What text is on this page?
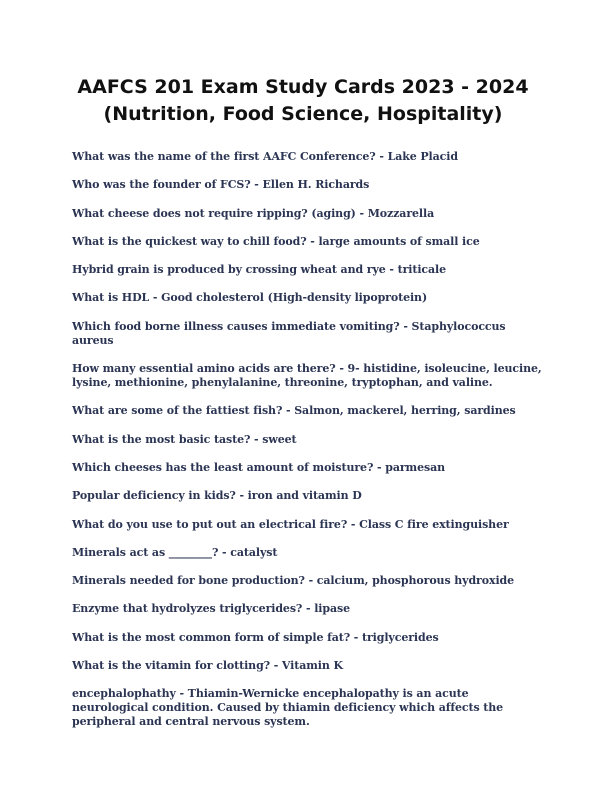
AAFCS 201 Exam Study Cards 2023 - 2024
(Nutrition, Food Science, Hospitality)
What was the name of the first AAFC Conference? - Lake Placid
Who was the founder of FCS? - Ellen H. Richards
What cheese does not require ripping? (aging) - Mozzarella
What is the quickest way to chill food? - large amounts of small ice
Hybrid grain is produced by crossing wheat and rye - triticale
What is HDL - Good cholesterol (High-density lipoprotein)
Which food borne illness causes immediate vomiting? - Staphylococcus aureus
How many essential amino acids are there? - 9- histidine, isoleucine, leucine, lysine, methionine, phenylalanine, threonine, tryptophan, and valine.
What are some of the fattiest fish? - Salmon, mackerel, herring, sardines
What is the most basic taste? - sweet
Which cheeses has the least amount of moisture? - parmesan
Popular deficiency in kids? - iron and vitamin D
What do you use to put out an electrical fire? - Class C fire extinguisher
Minerals act as ________? - catalyst
Minerals needed for bone production? - calcium, phosphorous hydroxide
Enzyme that hydrolyzes triglycerides? - lipase
What is the most common form of simple fat? - triglycerides
What is the vitamin for clotting? - Vitamin K
encephalophathy - Thiamin-Wernicke encephalopathy is an acute neurological condition. Caused by thiamin deficiency which affects the peripheral and central nervous system.
